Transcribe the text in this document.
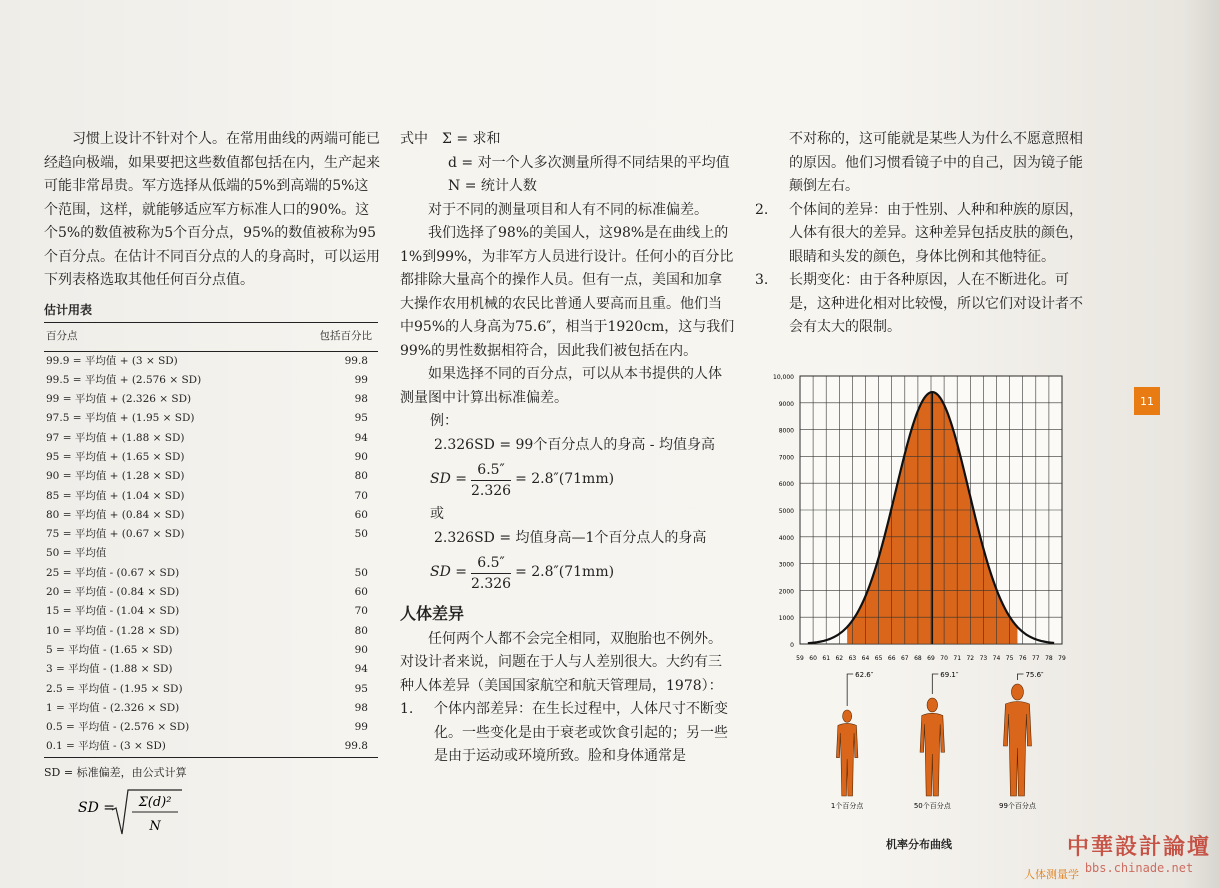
习惯上设计不针对个人。在常用曲线的两端可能已经趋向极端，如果要把这些数值都包括在内，生产起来可能非常昂贵。军方选择从低端的5%到高端的5%这个范围，这样，就能够适应军方标准人口的90%。这个5%的数值被称为5个百分点，95%的数值被称为95个百分点。在估计不同百分点的人的身高时，可以运用下列表格选取其他任何百分点值。

估计用表
百分点	包括百分比
99.9 = 平均值 + (3 × SD)	99.8
99.5 = 平均值 + (2.576 × SD)	99
99 = 平均值 + (2.326 × SD)	98
97.5 = 平均值 + (1.95 × SD)	95
97 = 平均值 + (1.88 × SD)	94
95 = 平均值 + (1.65 × SD)	90
90 = 平均值 + (1.28 × SD)	80
85 = 平均值 + (1.04 × SD)	70
80 = 平均值 + (0.84 × SD)	60
75 = 平均值 + (0.67 × SD)	50
50 = 平均值	
25 = 平均值 - (0.67 × SD)	50
20 = 平均值 - (0.84 × SD)	60
15 = 平均值 - (1.04 × SD)	70
10 = 平均值 - (1.28 × SD)	80
5 = 平均值 - (1.65 × SD)	90
3 = 平均值 - (1.88 × SD)	94
2.5 = 平均值 - (1.95 × SD)	95
1 = 平均值 - (2.326 × SD)	98
0.5 = 平均值 - (2.576 × SD)	99
0.1 = 平均值 - (3 × SD)	99.8
SD = 标准偏差，由公式计算
SD = Σ(d)²
N

式中　Σ = 求和

d = 对一个人多次测量所得不同结果的平均值

N = 统计人数

对于不同的测量项目和人有不同的标准偏差。

我们选择了98%的美国人，这98%是在曲线上的1%到99%，为非军方人员进行设计。任何小的百分比都排除大量高个的操作人员。但有一点，美国和加拿大操作农用机械的农民比普通人要高而且重。他们当中95%的人身高为75.6″，相当于1920cm，这与我们99%的男性数据相符合，因此我们被包括在内。

如果选择不同的百分点，可以从本书提供的人体测量图中计算出标准偏差。

例：

2.326SD = 99个百分点人的身高 - 均值身高

SD = $\frac{6.5''}{2.326} = 2.8''(71mm)$

或

2.326SD = 均值身高—1个百分点人的身高

SD = $\frac{6.5''}{2.326} = 2.8''(71mm)$
人体差异

任何两个人都不会完全相同，双胞胎也不例外。对设计者来说，问题在于人与人差别很大。大约有三种人体差异（美国国家航空和航天管理局，1978）：

1.	个体内部差异：在生长过程中，人体尺寸不断变化。一些变化是由于衰老或饮食引起的；另一些是由于运动或环境所致。脸和身体通常是

不对称的，这可能就是某些人为什么不愿意照相的原因。他们习惯看镜子中的自己，因为镜子能颠倒左右。

2.	个体间的差异：由于性别、人种和种族的原因，人体有很大的差异。这种差异包括皮肤的颜色，眼睛和头发的颜色，身体比例和其他特征。
3.	长期变化：由于各种原因，人在不断进化。可是，这种进化相对比较慢，所以它们对设计者不会有太大的限制。
0
1000
2000
3000
4000
5000
6000
7000
8000
9000
10,000
59 60 61 62 63 64 65 66 67 68 69 70 71 72 73 74 75 76 77 78 79
62.6″
1个百分点
69.1″
50个百分点
75.6″
99个百分点
机率分布曲线
11
人体测量学
中華設計論壇
bbs.chinade.net
